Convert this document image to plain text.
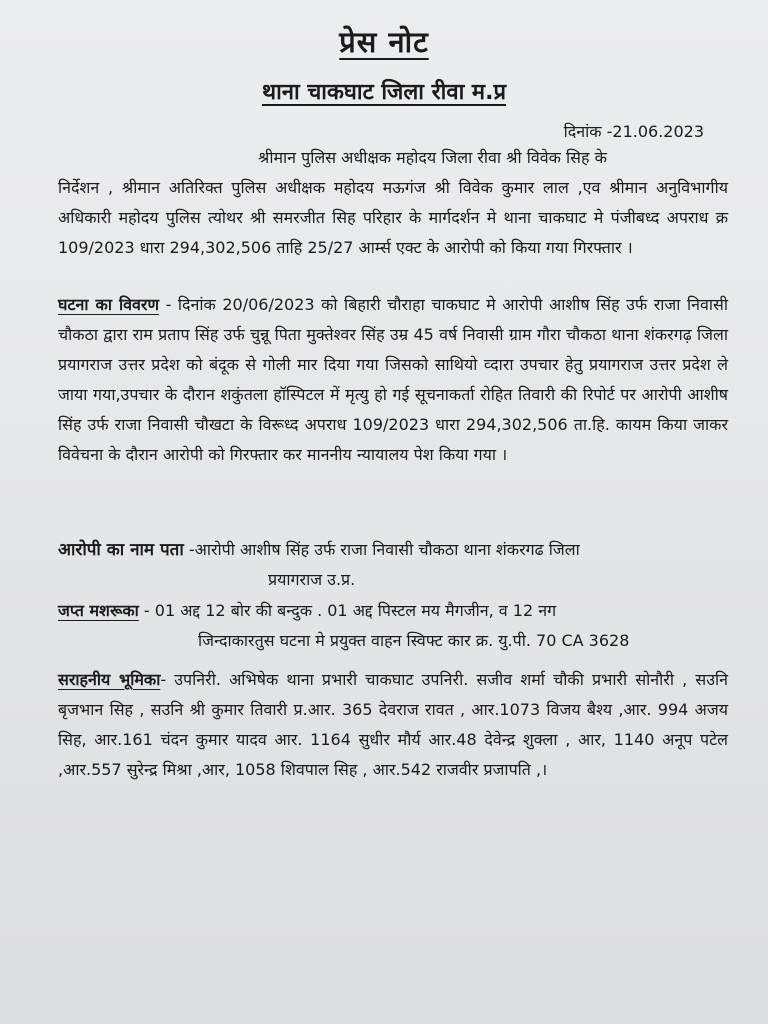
प्रेस नोट
थाना चाकघाट जिला रीवा म.प्र
दिनांक -21.06.2023
श्रीमान पुलिस अधीक्षक महोदय जिला रीवा श्री विवेक सिह के
निर्देशन , श्रीमान अतिरिक्त पुलिस अधीक्षक महोदय मऊगंज श्री विवेक कुमार लाल ,एव श्रीमान अनुविभागीय अधिकारी महोदय पुलिस त्योथर श्री समरजीत सिह परिहार के मार्गदर्शन मे थाना चाकघाट मे पंजीबध्द अपराध क्र 109/2023 धारा 294,302,506 ताहि 25/27 आर्म्स एक्ट के आरोपी को किया गया गिरफ्तार ।
घटना का विवरण - दिनांक 20/06/2023 को बिहारी चौराहा चाकघाट मे आरोपी आशीष सिंह उर्फ राजा निवासी चौकठा द्वारा राम प्रताप सिंह उर्फ चुन्नू पिता मुक्तेश्वर सिंह उम्र 45 वर्ष निवासी ग्राम गौरा चौकठा थाना शंकरगढ़ जिला प्रयागराज उत्तर प्रदेश को बंदूक से गोली मार दिया गया जिसको साथियो व्दारा उपचार हेतु प्रयागराज उत्तर प्रदेश ले जाया गया,उपचार के दौरान शकुंतला हॉस्पिटल में मृत्यु हो गई सूचनाकर्ता रोहित तिवारी की रिपोर्ट पर आरोपी आशीष सिंह उर्फ राजा निवासी चौखटा के विरूध्द अपराध 109/2023 धारा 294,302,506 ता.हि. कायम किया जाकर विवेचना के दौरान आरोपी को गिरफ्तार कर माननीय न्यायालय पेश किया गया ।
आरोपी का नाम पता -आरोपी आशीष सिंह उर्फ राजा निवासी चौकठा थाना शंकरगढ जिला
प्रयागराज उ.प्र.
जप्त मशरूका - 01 अद्द 12 बोर की बन्दुक . 01 अद्द पिस्टल मय मैगजीन, व 12 नग
जिन्दाकारतुस घटना मे प्रयुक्त वाहन स्विफ्ट कार क्र. यु.पी. 70 CA 3628
सराहनीय भूमिका- उपनिरी. अभिषेक थाना प्रभारी चाकघाट उपनिरी. सजीव शर्मा चौकी प्रभारी सोनौरी , सउनि बृजभान सिह , सउनि श्री कुमार तिवारी प्र.आर. 365 देवराज रावत , आर.1073 विजय बैश्य ,आर. 994 अजय सिह, आर.161 चंदन कुमार यादव आर. 1164 सुधीर मौर्य आर.48 देवेन्द्र शुक्ला , आर, 1140 अनूप पटेल ,आर.557 सुरेन्द्र मिश्रा ,आर, 1058 शिवपाल सिह , आर.542 राजवीर प्रजापति ,।
